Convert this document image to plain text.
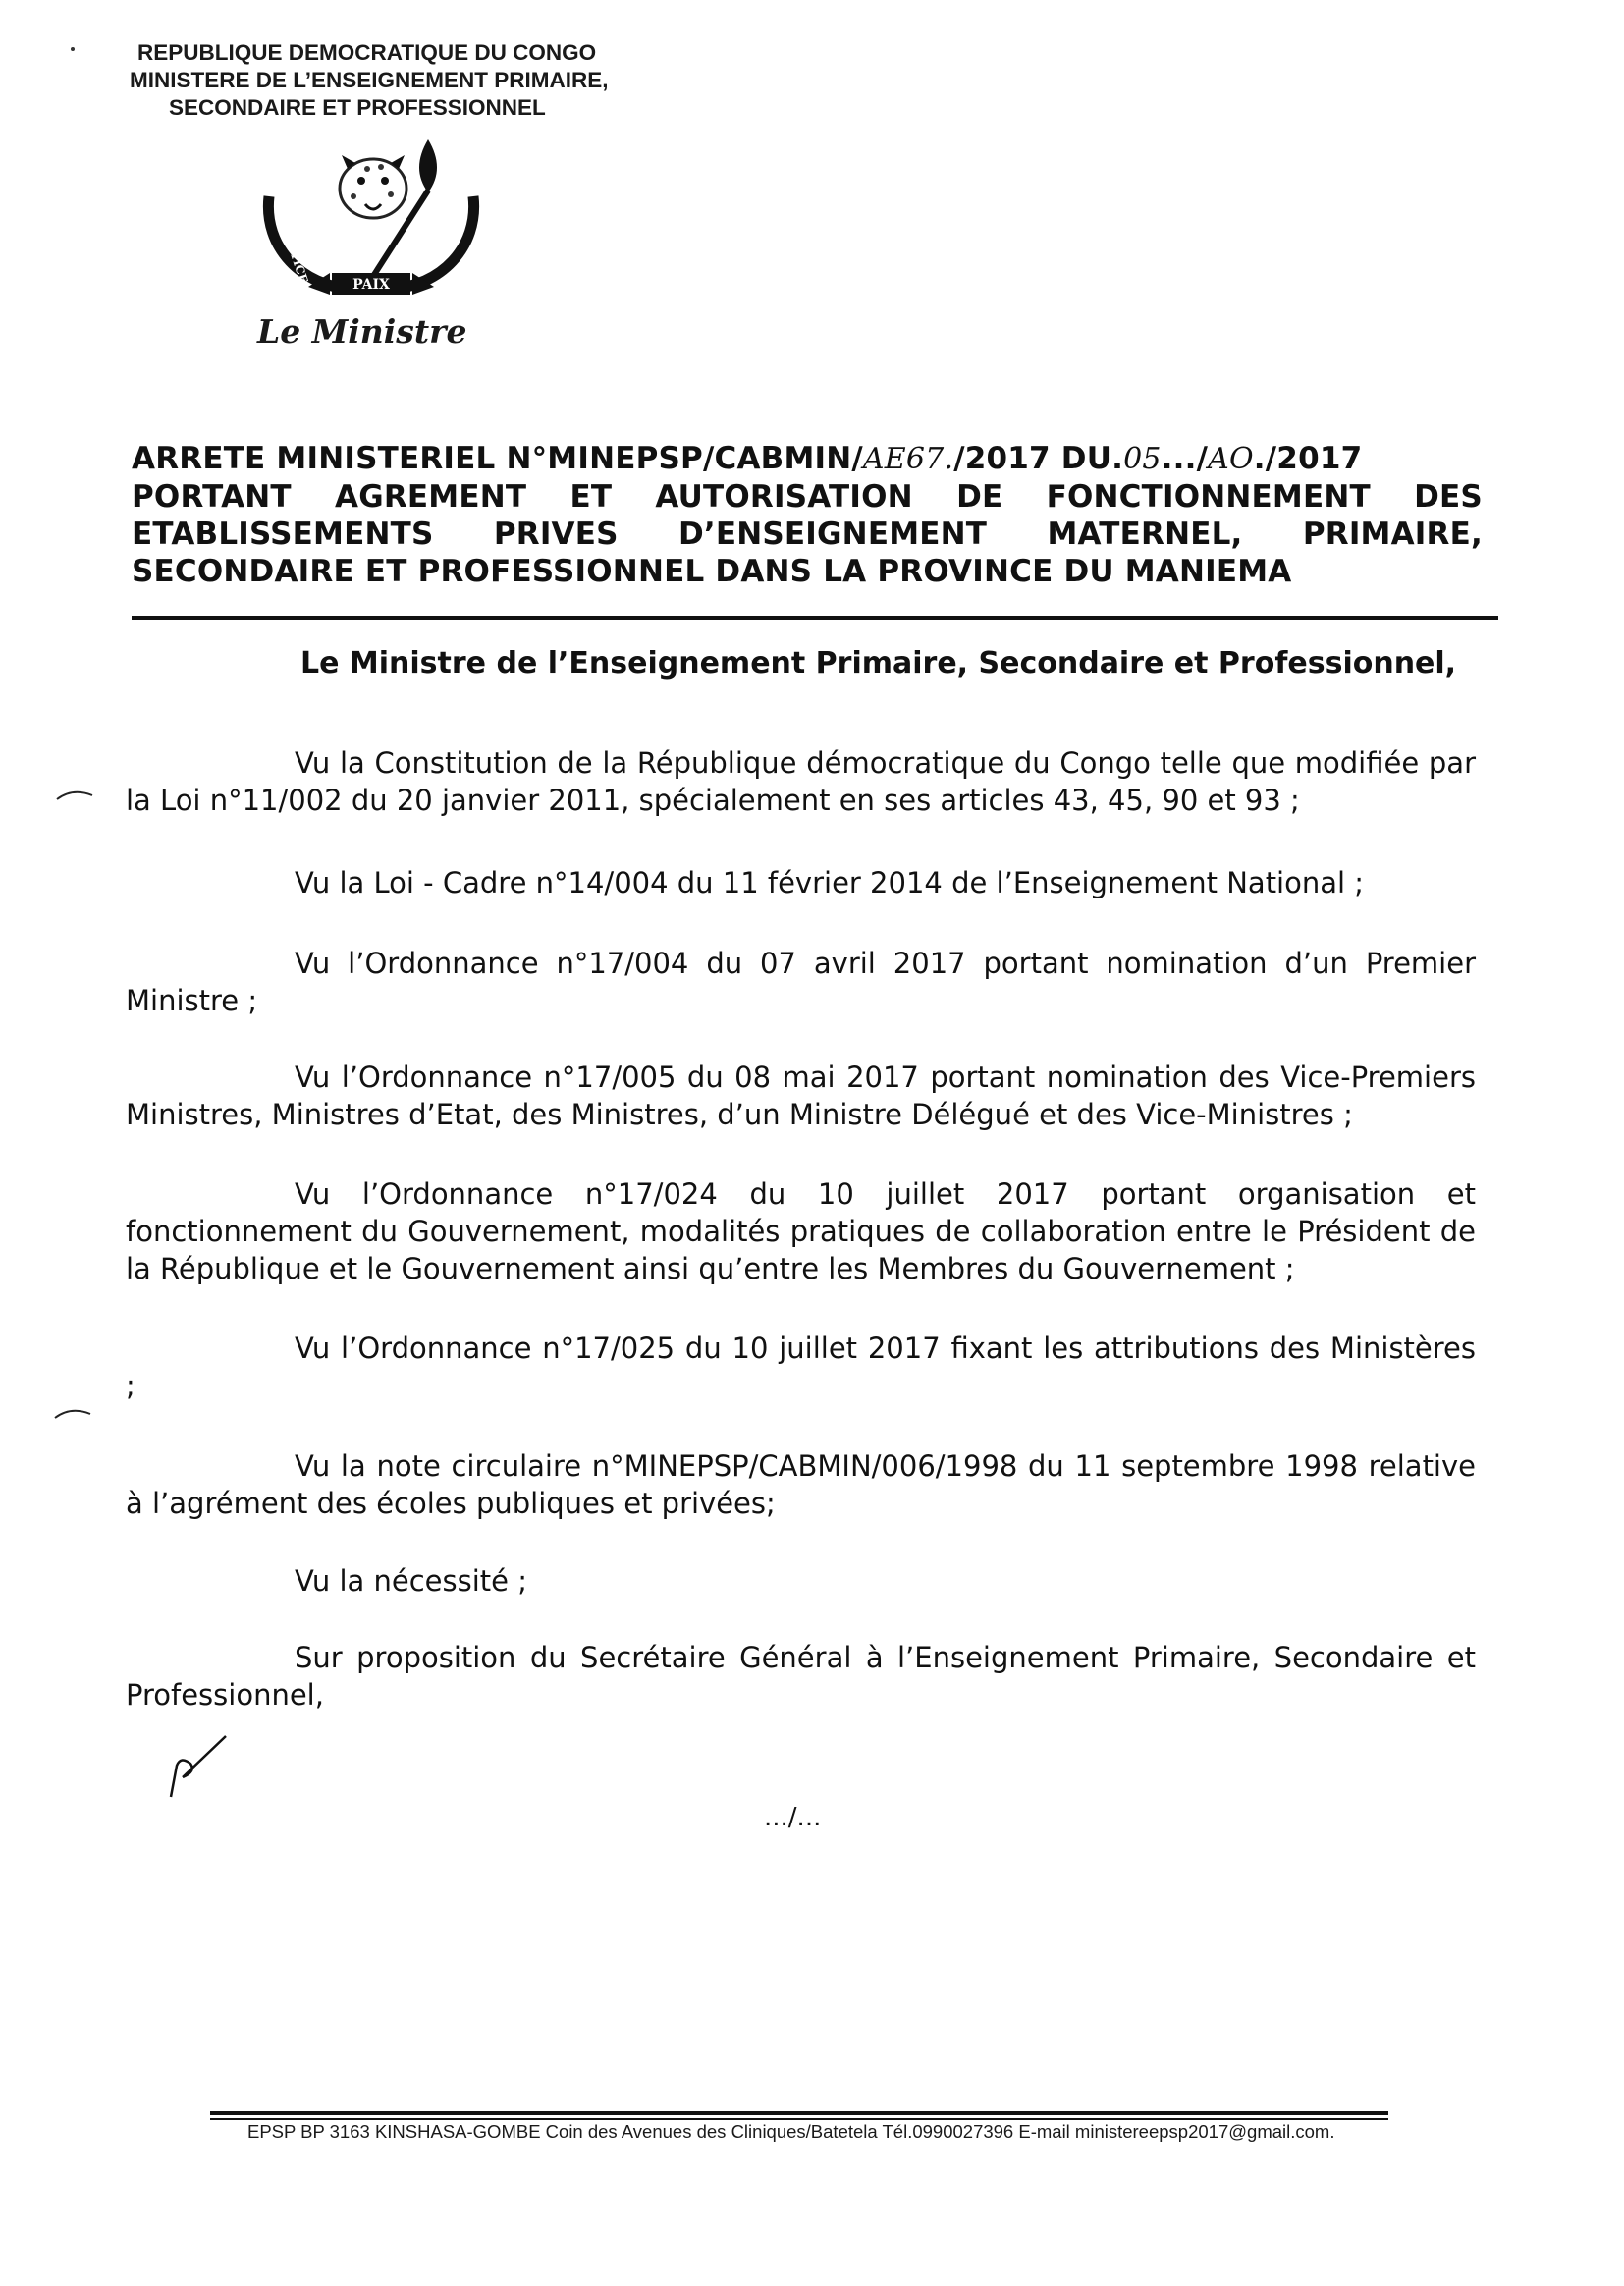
REPUBLIQUE DEMOCRATIQUE DU CONGO
MINISTERE DE L’ENSEIGNEMENT PRIMAIRE,
SECONDAIRE ET PROFESSIONNEL
PAIX
JUSTICE	TRAVAIL
Le Ministre
ARRETE MINISTERIEL N°MINEPSP/CABMIN/AE67./2017 DU.05.../AO./2017
PORTANT AGREMENT ET AUTORISATION DE FONCTIONNEMENT DES
ETABLISSEMENTS PRIVES D’ENSEIGNEMENT MATERNEL, PRIMAIRE,
SECONDAIRE ET PROFESSIONNEL DANS LA PROVINCE DU MANIEMA
Le Ministre de l’Enseignement Primaire, Secondaire et Professionnel,

Vu la Constitution de la République démocratique du Congo telle que modifiée par la Loi n°11/002 du 20 janvier 2011, spécialement en ses articles 43, 45, 90 et 93 ;

Vu la Loi - Cadre n°14/004 du 11 février 2014 de l’Enseignement National ;

Vu l’Ordonnance n°17/004 du 07 avril 2017 portant nomination d’un Premier Ministre ;

Vu l’Ordonnance n°17/005 du 08 mai 2017 portant nomination des Vice-Premiers Ministres, Ministres d’Etat, des Ministres, d’un Ministre Délégué et des Vice-Ministres ;

Vu l’Ordonnance n°17/024 du 10 juillet 2017 portant organisation et fonctionnement du Gouvernement, modalités pratiques de collaboration entre le Président de la République et le Gouvernement ainsi qu’entre les Membres du Gouvernement ;

Vu l’Ordonnance n°17/025 du 10 juillet 2017 fixant les attributions des Ministères ;

Vu la note circulaire n°MINEPSP/CABMIN/006/1998 du 11 septembre 1998 relative à l’agrément des écoles publiques et privées;

Vu la nécessité ;

Sur proposition du Secrétaire Général à l’Enseignement Primaire, Secondaire et Professionnel,

.../...
EPSP BP 3163 KINSHASA-GOMBE Coin des Avenues des Cliniques/Batetela Tél.0990027396 E-mail ministereepsp2017@gmail.com.
